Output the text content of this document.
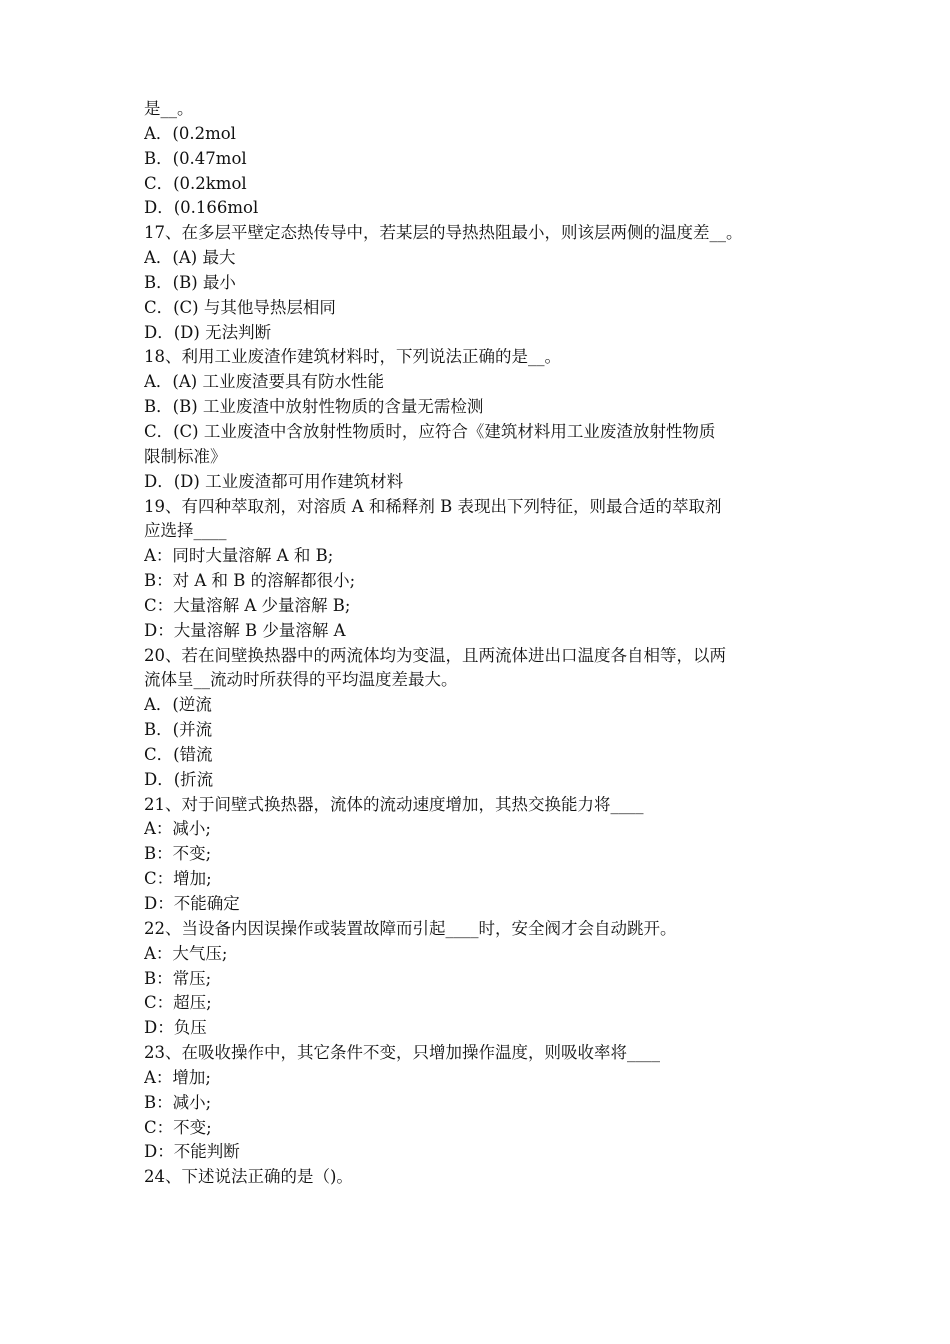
是__。
A．(0.2mol
B．(0.47mol
C．(0.2kmol
D．(0.166mol
17、在多层平壁定态热传导中，若某层的导热热阻最小，则该层两侧的温度差__。
A．(A) 最大
B．(B) 最小
C．(C) 与其他导热层相同
D．(D) 无法判断
18、利用工业废渣作建筑材料时，下列说法正确的是__。
A．(A) 工业废渣要具有防水性能
B．(B) 工业废渣中放射性物质的含量无需检测
C．(C) 工业废渣中含放射性物质时，应符合《建筑材料用工业废渣放射性物质
限制标准》
D．(D) 工业废渣都可用作建筑材料
19、有四种萃取剂，对溶质 A 和稀释剂 B 表现出下列特征，则最合适的萃取剂
应选择____
A：同时大量溶解 A 和 B;
B：对 A 和 B 的溶解都很小;
C：大量溶解 A 少量溶解 B;
D：大量溶解 B 少量溶解 A
20、若在间壁换热器中的两流体均为变温，且两流体进出口温度各自相等，以两
流体呈__流动时所获得的平均温度差最大。
A．(逆流
B．(并流
C．(错流
D．(折流
21、对于间壁式换热器，流体的流动速度增加，其热交换能力将____
A：减小;
B：不变;
C：增加;
D：不能确定
22、当设备内因误操作或装置故障而引起____时，安全阀才会自动跳开。
A：大气压;
B：常压;
C：超压;
D：负压
23、在吸收操作中，其它条件不变，只增加操作温度，则吸收率将____
A：增加;
B：减小;
C：不变;
D：不能判断
24、下述说法正确的是（)。
